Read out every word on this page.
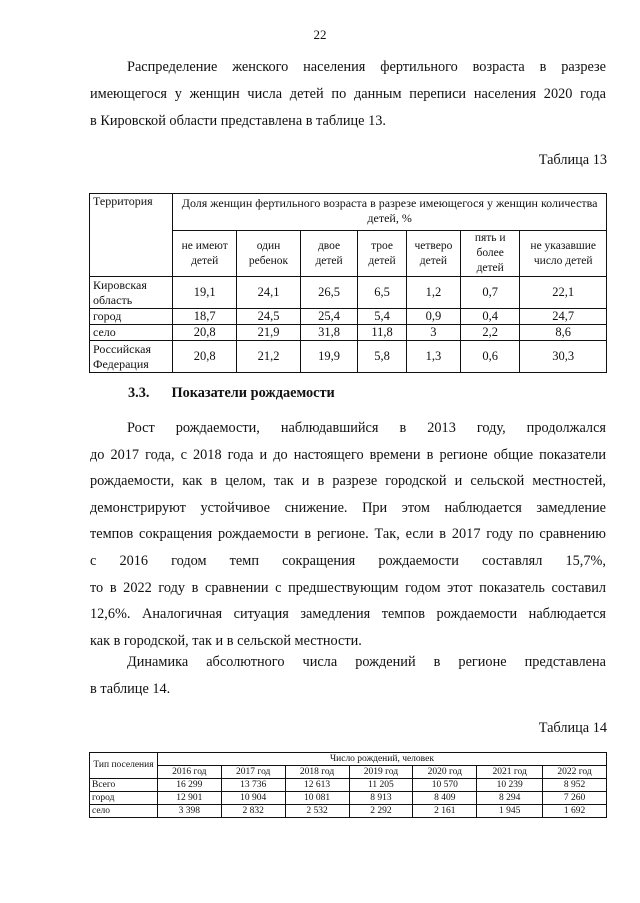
22

Распределение женского населения фертильного возраста в разрезе
имеющегося у женщин числа детей по данным переписи населения 2020 года
в Кировской области представлена в таблице 13.

Таблица 13
Территория	Доля женщин фертильного возраста в разрезе имеющегося у женщин количества детей, %						
	не имеют детей	один ребенок	двое детей	трое детей	четверо детей	пять и более детей	не указавшие число детей
Кировская область	19,1	24,1	26,5	6,5	1,2	0,7	22,1
город	18,7	24,5	25,4	5,4	0,9	0,4	24,7
село	20,8	21,9	31,8	11,8	3	2,2	8,6
Российская Федерация	20,8	21,2	19,9	5,8	1,3	0,6	30,3
3.3. Показатели рождаемости

Рост рождаемости, наблюдавшийся в 2013 году, продолжался
до 2017 года, с 2018 года и до настоящего времени в регионе общие показатели
рождаемости, как в целом, так и в разрезе городской и сельской местностей,
демонстрируют устойчивое снижение. При этом наблюдается замедление
темпов сокращения рождаемости в регионе. Так, если в 2017 году по сравнению
с 2016 годом темп сокращения рождаемости составлял 15,7%,
то в 2022 году в сравнении с предшествующим годом этот показатель составил
12,6%. Аналогичная ситуация замедления темпов рождаемости наблюдается
как в городской, так и в сельской местности.

Динамика абсолютного числа рождений в регионе представлена
в таблице 14.

Таблица 14
Тип поселения	Число рождений, человек						
	2016 год	2017 год	2018 год	2019 год	2020 год	2021 год	2022 год
Всего	16 299	13 736	12 613	11 205	10 570	10 239	8 952
город	12 901	10 904	10 081	8 913	8 409	8 294	7 260
село	3 398	2 832	2 532	2 292	2 161	1 945	1 692
